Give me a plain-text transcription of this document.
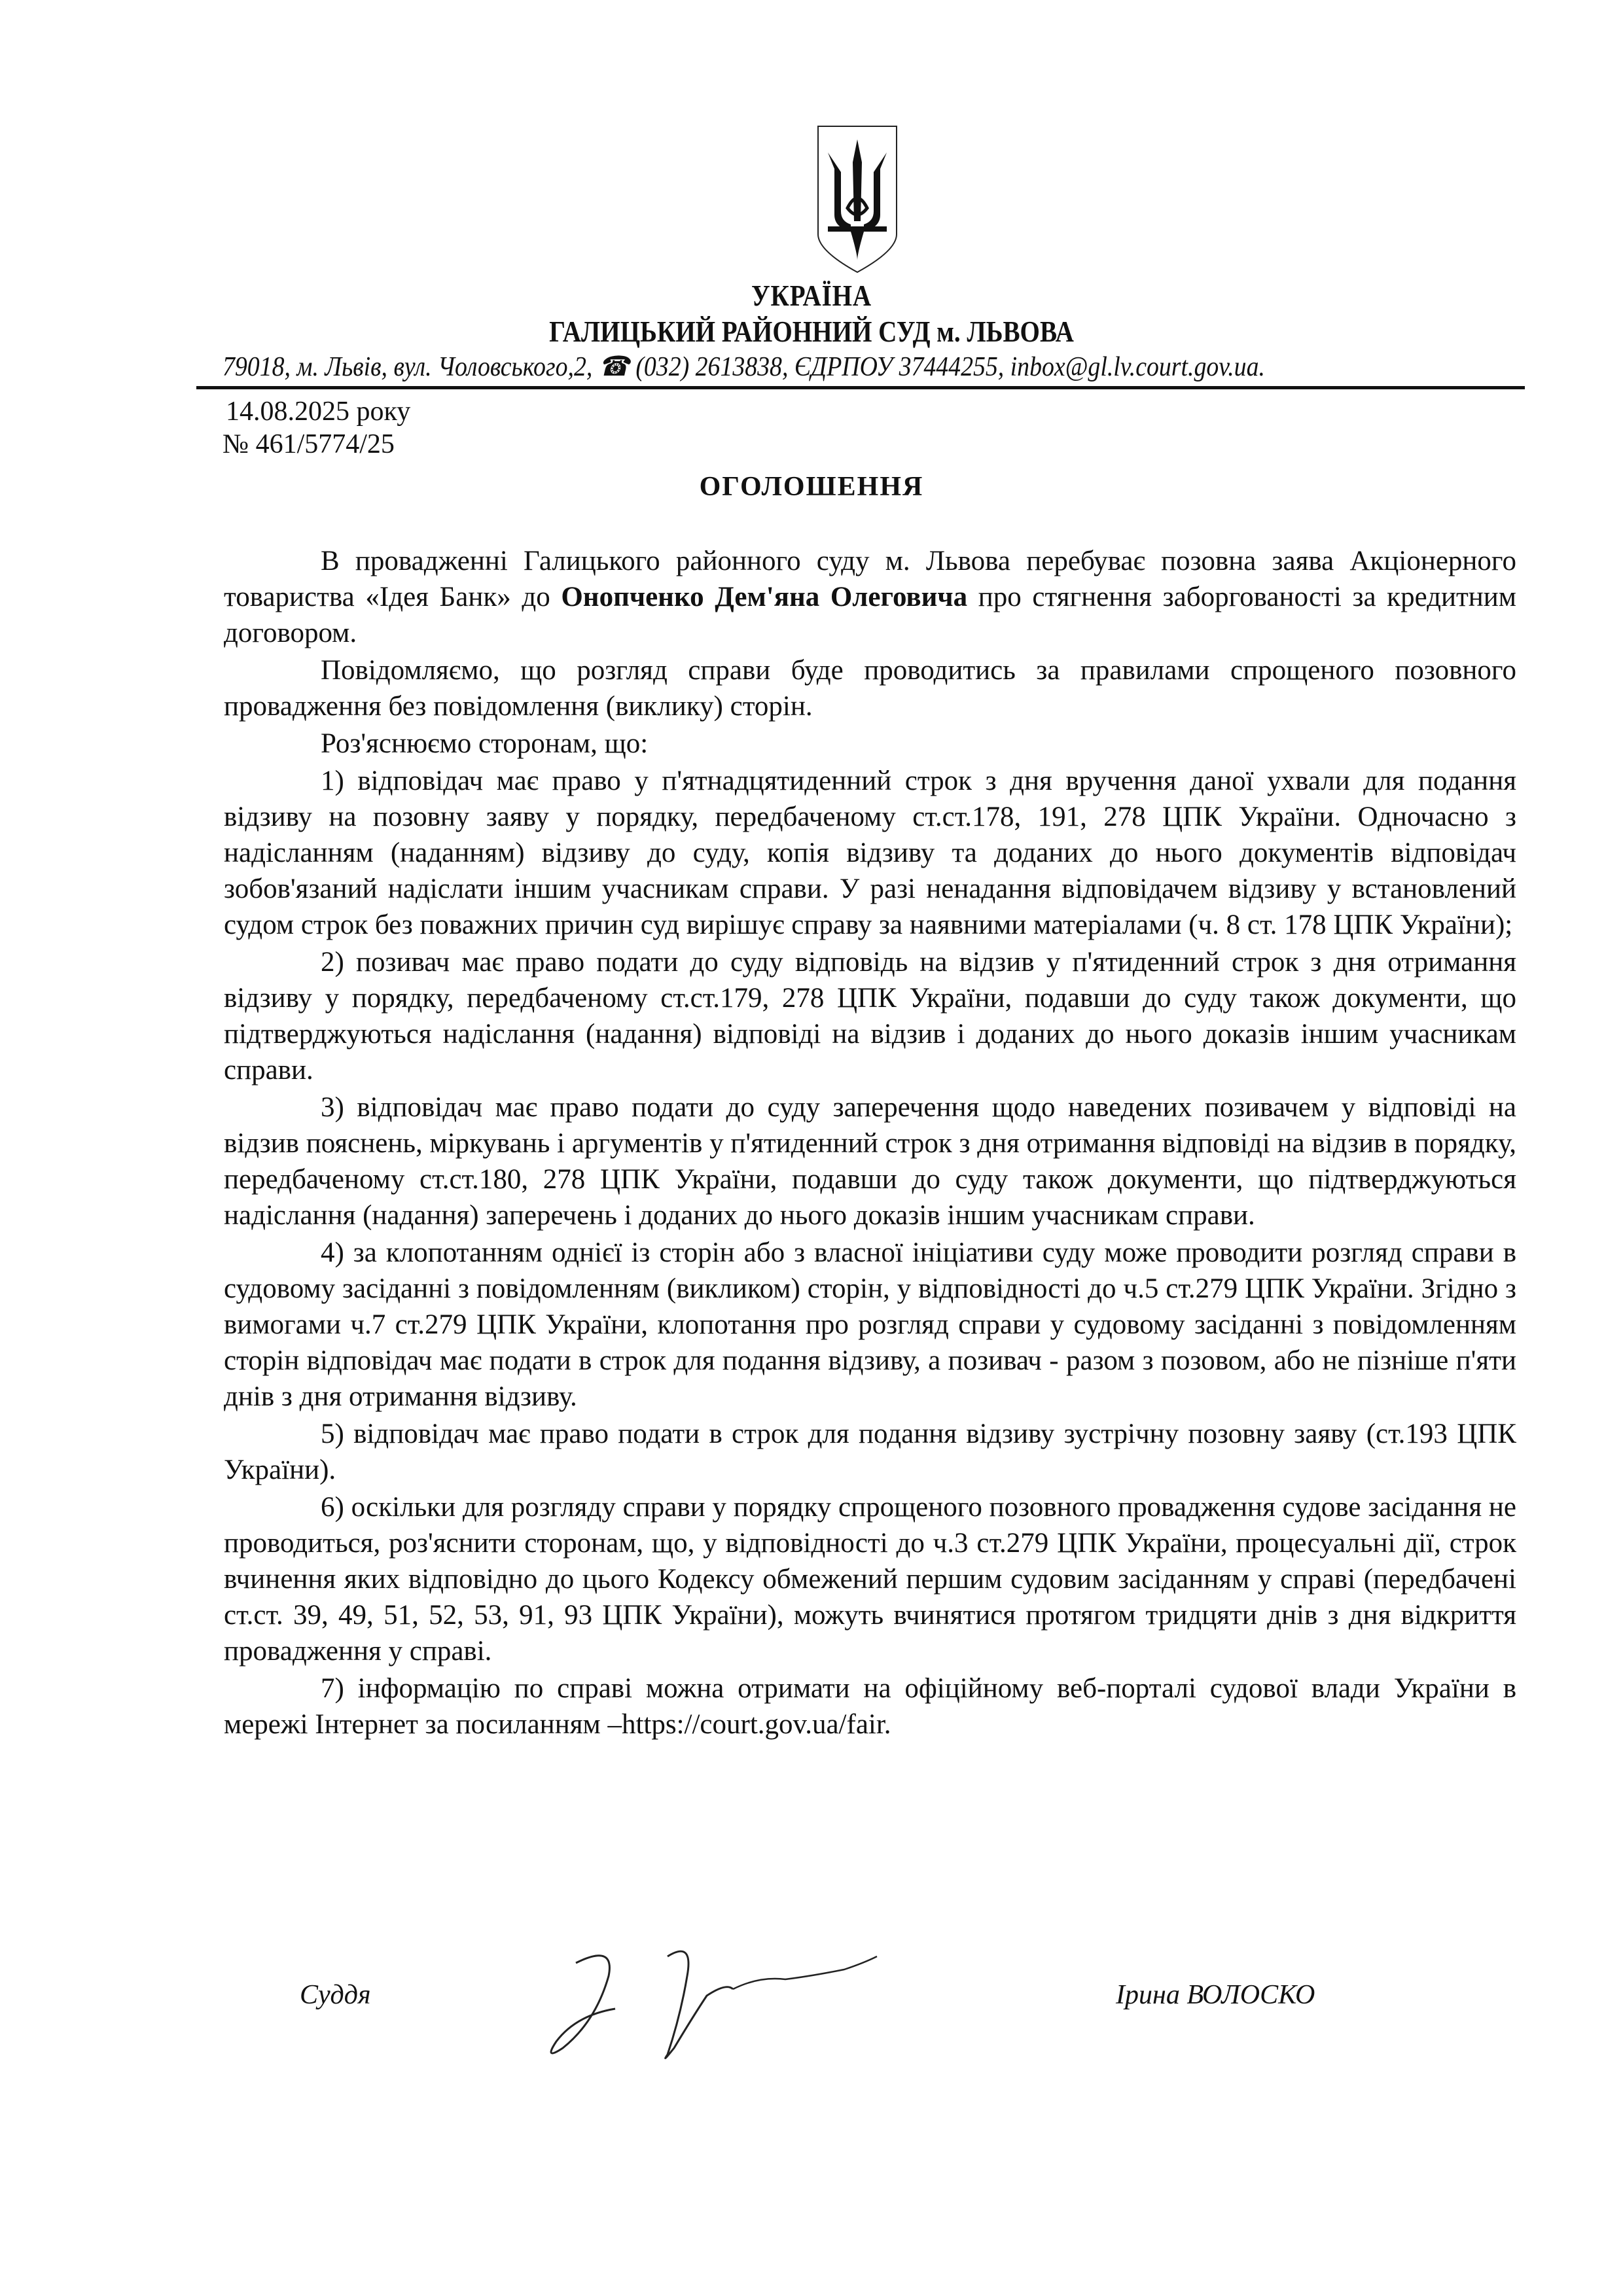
УКРАЇНА
ГАЛИЦЬКИЙ РАЙОННИЙ СУД м. ЛЬВОВА
79018, м. Львів, вул. Чоловського,2, ☎ (032) 2613838, ЄДРПОУ 37444255, inbox@gl.lv.court.gov.ua.
14.08.2025 року
№ 461/5774/25
ОГОЛОШЕННЯ

В провадженні Галицького районного суду м. Львова перебуває позовна заява Акціонерного товариства «Ідея Банк» до Онопченко Дем'яна Олеговича про стягнення заборгованості за кредитним договором.

Повідомляємо, що розгляд справи буде проводитись за правилами спрощеного позовного провадження без повідомлення (виклику) сторін.

Роз'яснюємо сторонам, що:

1) відповідач має право у п'ятнадцятиденний строк з дня вручення даної ухвали для подання відзиву на позовну заяву у порядку, передбаченому ст.ст.178, 191, 278 ЦПК України. Одночасно з надісланням (наданням) відзиву до суду, копія відзиву та доданих до нього документів відповідач зобов'язаний надіслати іншим учасникам справи. У разі ненадання відповідачем відзиву у встановлений судом строк без поважних причин суд вирішує справу за наявними матеріалами (ч. 8 ст. 178 ЦПК України);

2) позивач має право подати до суду відповідь на відзив у п'ятиденний строк з дня отримання відзиву у порядку, передбаченому ст.ст.179, 278 ЦПК України, подавши до суду також документи, що підтверджуються надіслання (надання) відповіді на відзив і доданих до нього доказів іншим учасникам справи.

3) відповідач має право подати до суду заперечення щодо наведених позивачем у відповіді на відзив пояснень, міркувань і аргументів у п'ятиденний строк з дня отримання відповіді на відзив в порядку, передбаченому ст.ст.180, 278 ЦПК України, подавши до суду також документи, що підтверджуються надіслання (надання) заперечень і доданих до нього доказів іншим учасникам справи.

4) за клопотанням однієї із сторін або з власної ініціативи суду може проводити розгляд справи в судовому засіданні з повідомленням (викликом) сторін, у відповідності до ч.5 ст.279 ЦПК України. Згідно з вимогами ч.7 ст.279 ЦПК України, клопотання про розгляд справи у судовому засіданні з повідомленням сторін відповідач має подати в строк для подання відзиву, а позивач - разом з позовом, або не пізніше п'яти днів з дня отримання відзиву.

5) відповідач має право подати в строк для подання відзиву зустрічну позовну заяву (ст.193 ЦПК України).

6) оскільки для розгляду справи у порядку спрощеного позовного провадження судове засідання не проводиться, роз'яснити сторонам, що, у відповідності до ч.3 ст.279 ЦПК України, процесуальні дії, строк вчинення яких відповідно до цього Кодексу обмежений першим судовим засіданням у справі (передбачені ст.ст. 39, 49, 51, 52, 53, 91, 93 ЦПК України), можуть вчинятися протягом тридцяти днів з дня відкриття провадження у справі.

7) інформацію по справі можна отримати на офіційному веб-порталі судової влади України в мережі Інтернет за посиланням –https://court.gov.ua/fair.

Суддя	Ірина ВОЛОСКО
